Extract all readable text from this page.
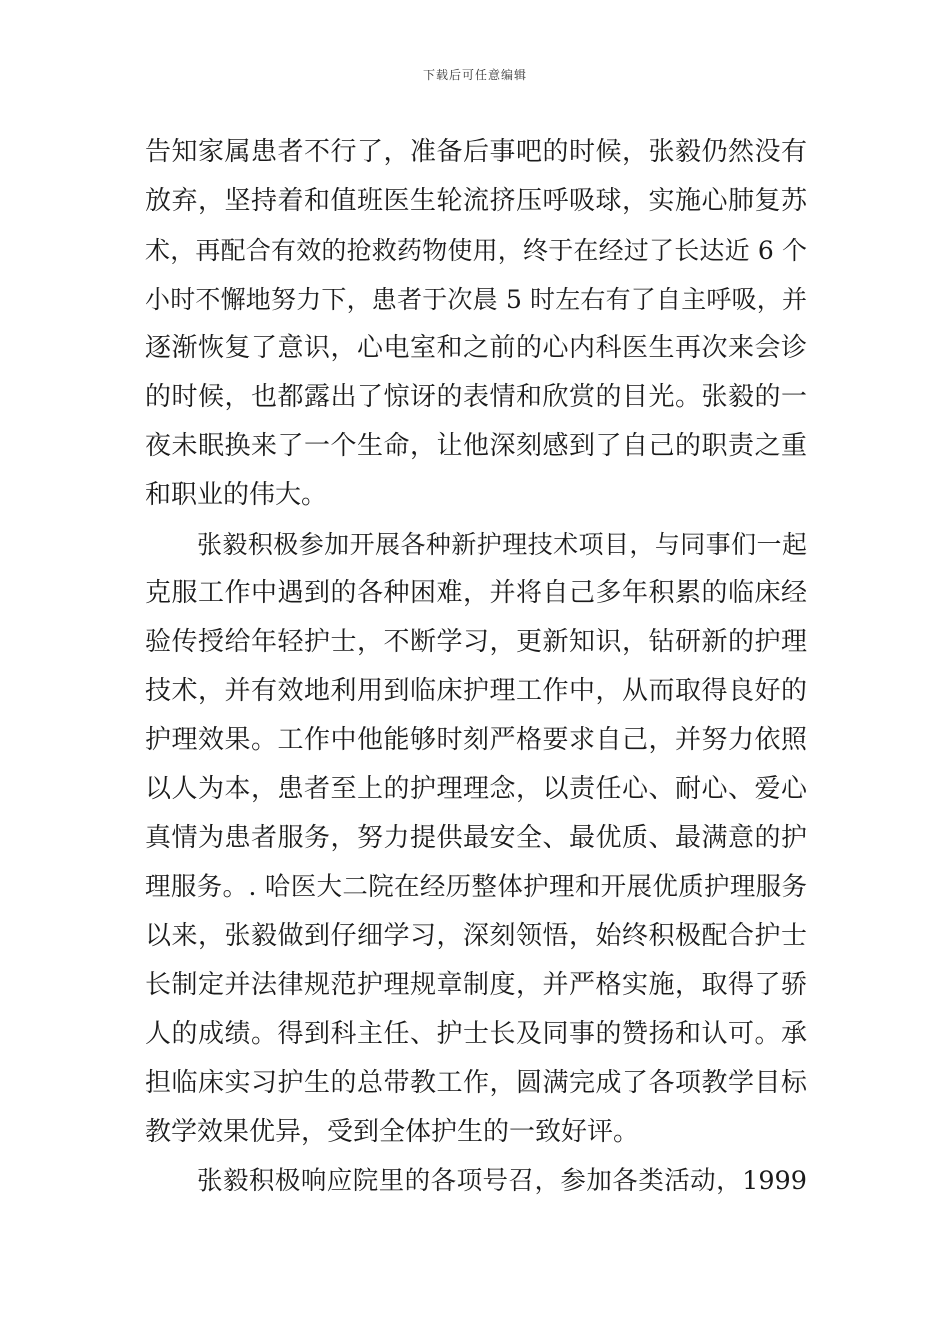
下载后可任意编辑
告知家属患者不行了，准备后事吧的时候，张毅仍然没有
放弃，坚持着和值班医生轮流挤压呼吸球，实施心肺复苏
术，再配合有效的抢救药物使用，终于在经过了长达近 6 个
小时不懈地努力下，患者于次晨 5 时左右有了自主呼吸，并
逐渐恢复了意识，心电室和之前的心内科医生再次来会诊
的时候，也都露出了惊讶的表情和欣赏的目光。张毅的一
夜未眠换来了一个生命，让他深刻感到了自己的职责之重
和职业的伟大。
张毅积极参加开展各种新护理技术项目，与同事们一起
克服工作中遇到的各种困难，并将自己多年积累的临床经
验传授给年轻护士，不断学习，更新知识，钻研新的护理
技术，并有效地利用到临床护理工作中，从而取得良好的
护理效果。工作中他能够时刻严格要求自己，并努力依照
以人为本，患者至上的护理理念，以责任心、耐心、爱心
真情为患者服务，努力提供最安全、最优质、最满意的护
理服务。. 哈医大二院在经历整体护理和开展优质护理服务
以来，张毅做到仔细学习，深刻领悟，始终积极配合护士
长制定并法律规范护理规章制度，并严格实施，取得了骄
人的成绩。得到科主任、护士长及同事的赞扬和认可。承
担临床实习护生的总带教工作，圆满完成了各项教学目标
教学效果优异，受到全体护生的一致好评。
张毅积极响应院里的各项号召，参加各类活动，1999
